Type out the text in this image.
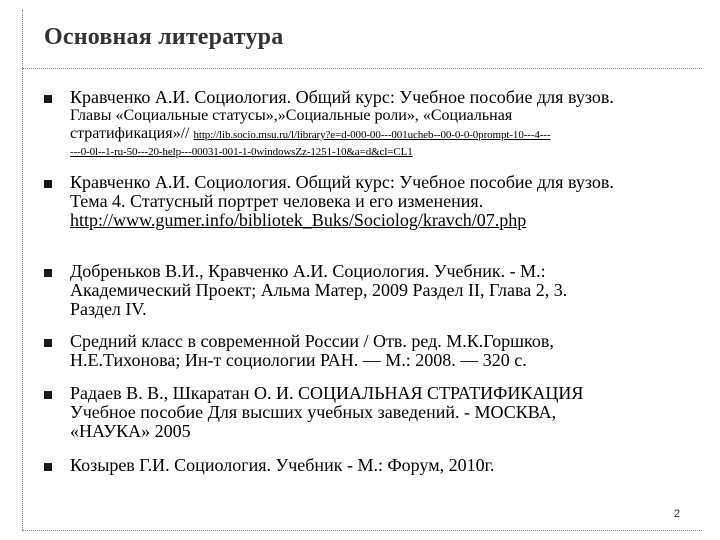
Основная литература
Кравченко А.И. Социология. Общий курс: Учебное пособие для вузов.
Главы «Социальные статусы»,»Социальные роли», «Социальная
стратификация»// http://lib.socio.msu.ru/l/library?e=d-000-00---001ucheb--00-0-0-0prompt-10---4---
---0-0l--1-ru-50---20-help---00031-001-1-0windowsZz-1251-10&a=d&cl=CL1
Кравченко А.И. Социология. Общий курс: Учебное пособие для вузов.
Тема 4. Статусный портрет человека и его изменения.
http://www.gumer.info/bibliotek_Buks/Sociolog/kravch/07.php
Добреньков В.И., Кравченко А.И. Социология. Учебник. - М.:
Академический Проект; Альма Матер, 2009 Раздел II, Глава 2, 3.
Раздел IV.
Средний класс в современной России / Отв. ред. М.К.Горшков,
Н.Е.Тихонова; Ин-т социологии РАН. — М.: 2008. — 320 с.
Радаев В. В., Шкаратан О. И. СОЦИАЛЬНАЯ СТРАТИФИКАЦИЯ
Учебное пособие Для высших учебных заведений. - МОСКВА,
«НАУКА» 2005
Козырев Г.И. Социология. Учебник - М.: Форум, 2010г.
2
